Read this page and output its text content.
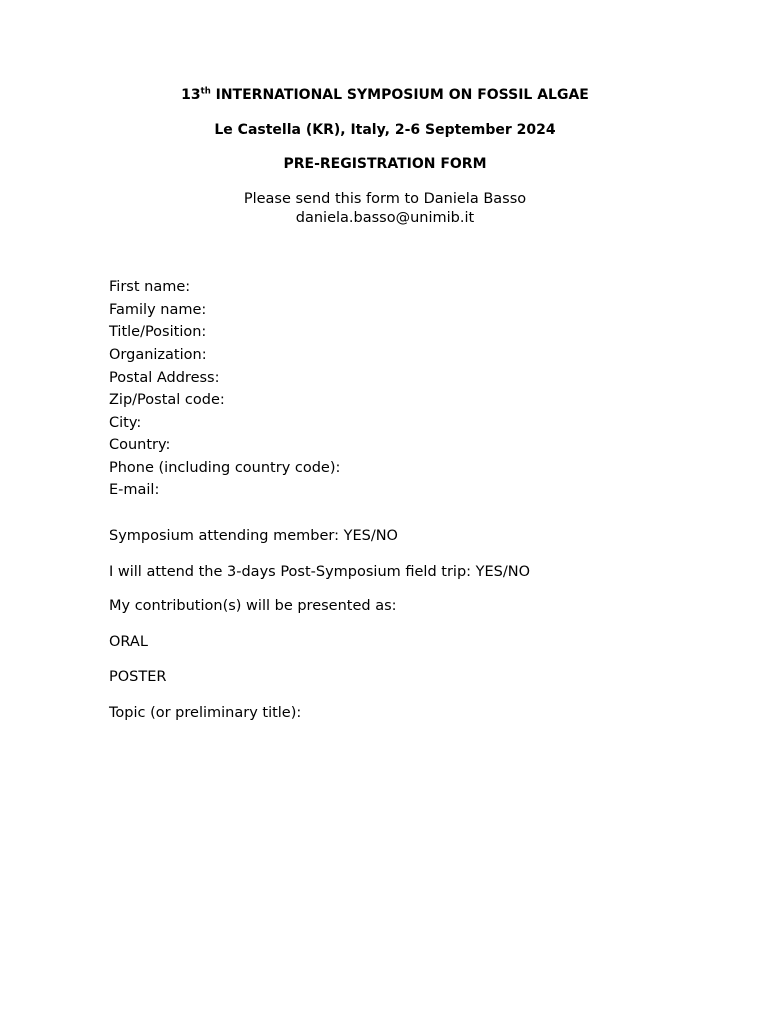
13th INTERNATIONAL SYMPOSIUM ON FOSSIL ALGAE
Le Castella (KR), Italy, 2-6 September 2024
PRE-REGISTRATION FORM
Please send this form to Daniela Basso
daniela.basso@unimib.it
First name:
Family name:
Title/Position:
Organization:
Postal Address:
Zip/Postal code:
City:
Country:
Phone (including country code):
E-mail:
Symposium attending member: YES/NO
I will attend the 3-days Post-Symposium field trip: YES/NO
My contribution(s) will be presented as:
ORAL
POSTER
Topic (or preliminary title):
